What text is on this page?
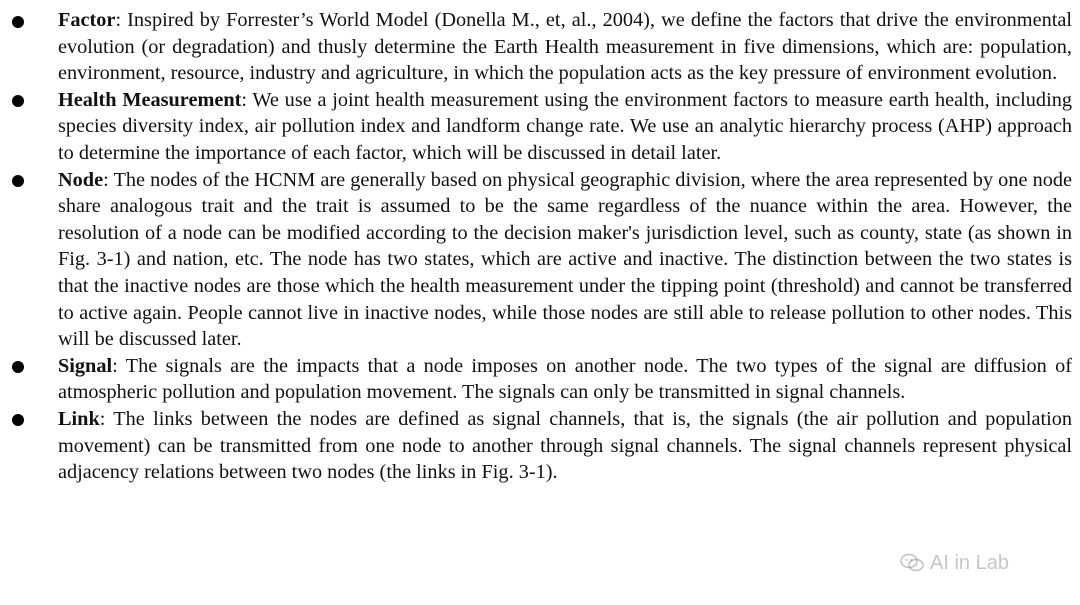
Factor: Inspired by Forrester’s World Model (Donella M., et, al., 2004), we define the factors that drive the environmental evolution (or degradation) and thusly determine the Earth Health measurement in five dimensions, which are: population, environment, resource, industry and agriculture, in which the population acts as the key pressure of environment evolution.
Health Measurement: We use a joint health measurement using the environment factors to measure earth health, including species diversity index, air pollution index and landform change rate. We use an analytic hierarchy process (AHP) approach to determine the importance of each factor, which will be discussed in detail later.
Node: The nodes of the HCNM are generally based on physical geographic division, where the area represented by one node share analogous trait and the trait is assumed to be the same regardless of the nuance within the area. However, the resolution of a node can be modified according to the decision maker's jurisdiction level, such as county, state (as shown in Fig. 3-1) and nation, etc. The node has two states, which are active and inactive. The distinction between the two states is that the inactive nodes are those which the health measurement under the tipping point (threshold) and cannot be transferred to active again. People cannot live in inactive nodes, while those nodes are still able to release pollution to other nodes. This will be discussed later.
Signal: The signals are the impacts that a node imposes on another node. The two types of the signal are diffusion of atmospheric pollution and population movement. The signals can only be transmitted in signal channels.
Link: The links between the nodes are defined as signal channels, that is, the signals (the air pollution and population movement) can be transmitted from one node to another through signal channels. The signal channels represent physical adjacency relations between two nodes (the links in Fig. 3-1).
AI in Lab
